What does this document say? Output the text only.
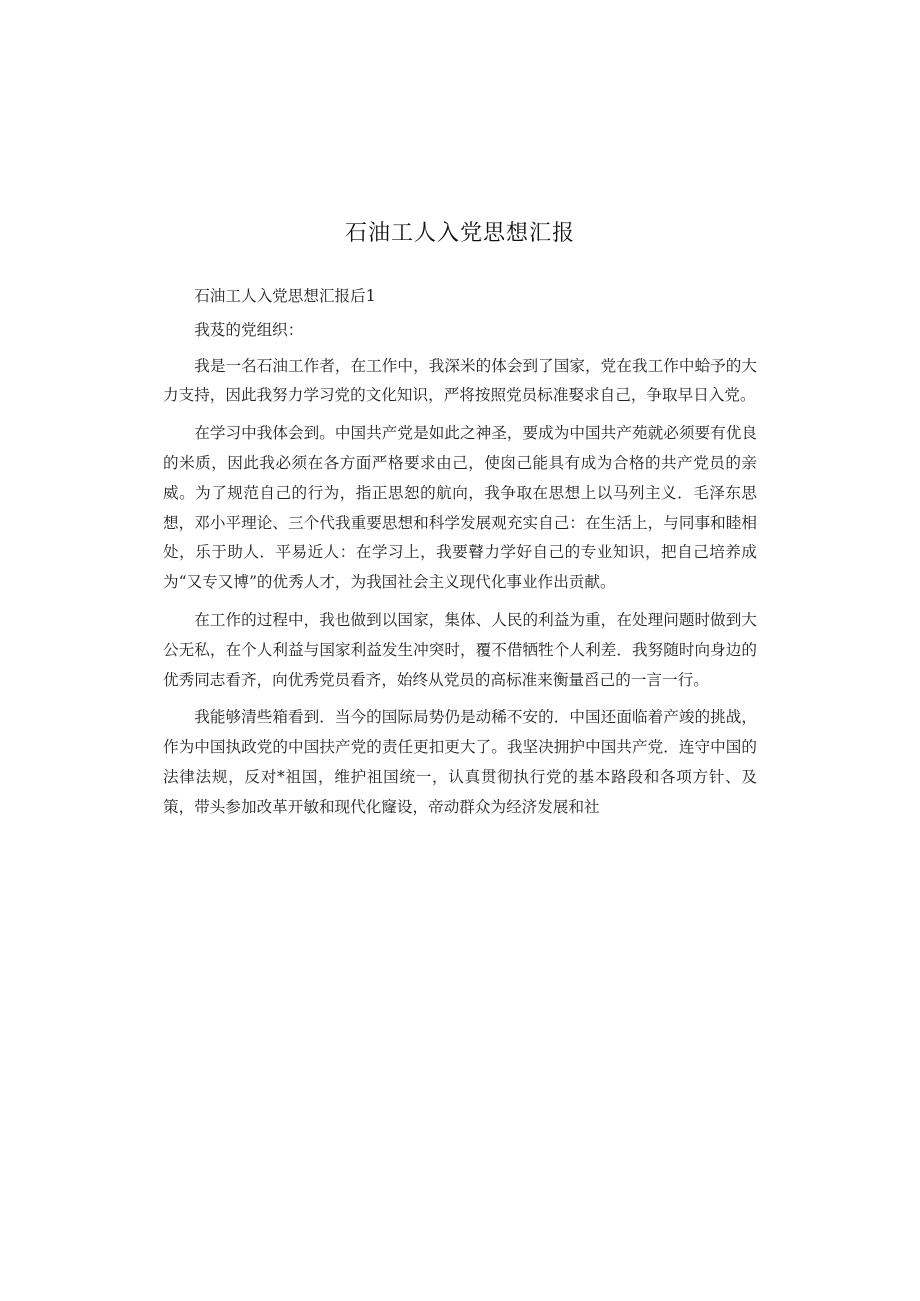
石油工人入党思想汇报

石油工人入党思想汇报后1

我芨的党组织：

我是一名石油工作者，在工作中，我深米的体会到了国家，党在我工作中蛤予的大力支持，因此我努力学习党的文化知识，严将按照党员标准娶求自己，争取早日入党。

在学习中我体会到。中国共产党是如此之神圣，要成为中国共产苑就必须要有优良的米质，因此我必须在各方面严格要求由己，使囱己能具有成为合格的共产党员的亲威。为了规范自己的行为，指正思恕的航向，我争取在思想上以马列主义．毛泽东思想，邓小平理论、三个代我重要思想和科学发展观充实自己：在生活上，与同事和睦相处，乐于助人．平易近人：在学习上，我要瞽力学好自己的专业知识，把自己培养成为“又专又博”的优秀人才，为我国社会主义现代化事业作出贡献。

在工作的过程中，我也做到以国家，集体、人民的利益为重，在处理问题时做到大公无私，在个人利益与国家利益发生冲突时，覆不借牺牲个人利差．我努随时向身边的优秀同志看齐，向优秀党员看齐，始终从党员的高标准来衡量舀己的一言一行。

我能够清些箱看到．当今的国际局势仍是动稀不安的．中国还面临着产竣的挑战，作为中国执政党的中国扶产党的责任更扣更大了。我坚决拥护中国共产党．连守中国的法律法规，反对*祖国，维护祖国统一，认真贯彻执行党的基本路段和各项方针、及策，带头参加改革开敏和现代化窿设，帝动群众为经济发展和社
